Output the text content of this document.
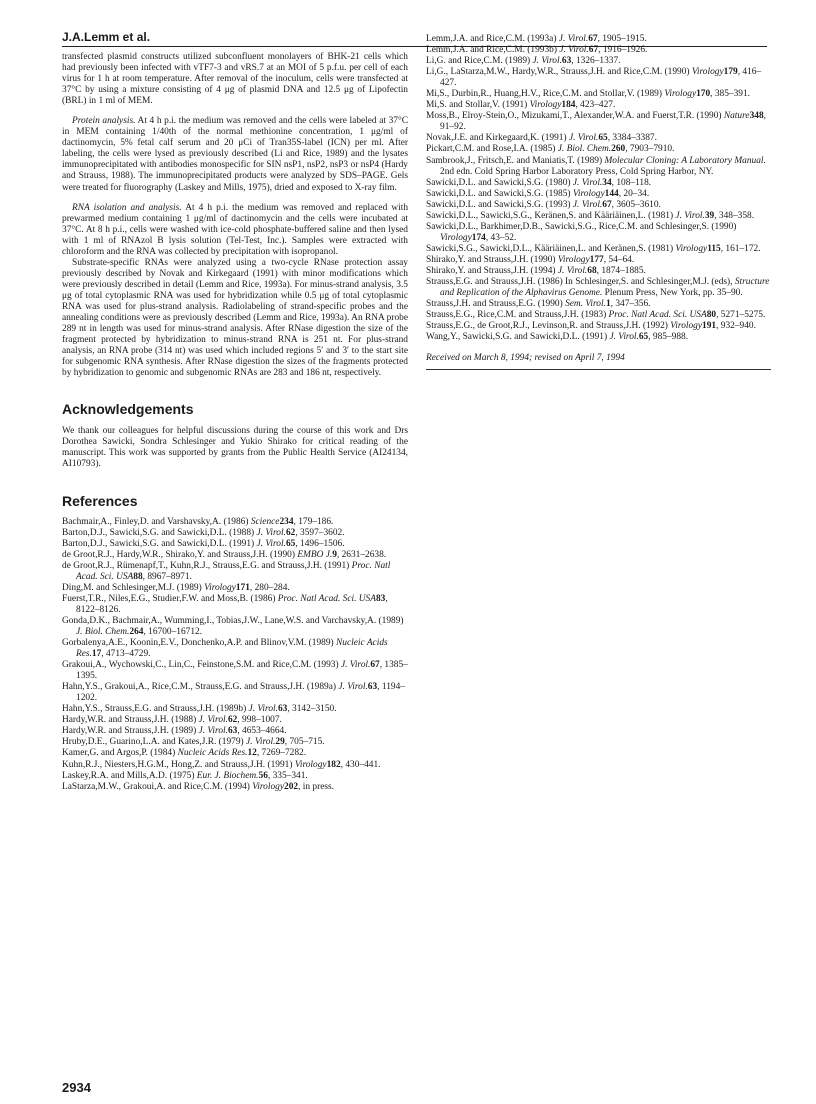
J.A.Lemm et al.

transfected plasmid constructs utilized subconfluent monolayers of BHK-21 cells which had previously been infected with vTF7-3 and vRS.7 at an MOI of 5 p.f.u. per cell of each virus for 1 h at room temperature. After removal of the inoculum, cells were transfected at 37°C by using a mixture consisting of 4 μg of plasmid DNA and 12.5 μg of Lipofectin (BRL) in 1 ml of MEM.

Protein analysis. At 4 h p.i. the medium was removed and the cells were labeled at 37°C in MEM containing 1/40th of the normal methionine concentration, 1 μg/ml of dactinomycin, 5% fetal calf serum and 20 μCi of Tran35S-label (ICN) per ml. After labeling, the cells were lysed as previously described (Li and Rice, 1989) and the lysates immunoprecipitated with antibodies monospecific for SIN nsP1, nsP2, nsP3 or nsP4 (Hardy and Strauss, 1988). The immunoprecipitated products were analyzed by SDS–PAGE. Gels were treated for fluorography (Laskey and Mills, 1975), dried and exposed to X-ray film.

RNA isolation and analysis. At 4 h p.i. the medium was removed and replaced with prewarmed medium containing 1 μg/ml of dactinomycin and the cells were incubated at 37°C. At 8 h p.i., cells were washed with ice-cold phosphate-buffered saline and then lysed with 1 ml of RNAzol B lysis solution (Tel-Test, Inc.). Samples were extracted with chloroform and the RNA was collected by precipitation with isopropanol.

Substrate-specific RNAs were analyzed using a two-cycle RNase protection assay previously described by Novak and Kirkegaard (1991) with minor modifications which were previously described in detail (Lemm and Rice, 1993a). For minus-strand analysis, 3.5 μg of total cytoplasmic RNA was used for hybridization while 0.5 μg of total cytoplasmic RNA was used for plus-strand analysis. Radiolabeling of strand-specific probes and the annealing conditions were as previously described (Lemm and Rice, 1993a). An RNA probe 289 nt in length was used for minus-strand analysis. After RNase digestion the size of the fragment protected by hybridization to minus-strand RNA is 251 nt. For plus-strand analysis, an RNA probe (314 nt) was used which included regions 5′ and 3′ to the start site for subgenomic RNA synthesis. After RNase digestion the sizes of the fragments protected by hybridization to genomic and subgenomic RNAs are 283 and 186 nt, respectively.

Acknowledgements

We thank our colleagues for helpful discussions during the course of this work and Drs Dorothea Sawicki, Sondra Schlesinger and Yukio Shirako for critical reading of the manuscript. This work was supported by grants from the Public Health Service (AI24134, AI10793).

References

Bachmair,A., Finley,D. and Varshavsky,A. (1986) Science234, 179–186.

Barton,D.J., Sawicki,S.G. and Sawicki,D.L. (1988) J. Virol.62, 3597–3602.

Barton,D.J., Sawicki,S.G. and Sawicki,D.L. (1991) J. Virol.65, 1496–1506.

de Groot,R.J., Hardy,W.R., Shirako,Y. and Strauss,J.H. (1990) EMBO J.9, 2631–2638.

de Groot,R.J., Rümenapf,T., Kuhn,R.J., Strauss,E.G. and Strauss,J.H. (1991) Proc. Natl Acad. Sci. USA88, 8967–8971.

Ding,M. and Schlesinger,M.J. (1989) Virology171, 280–284.

Fuerst,T.R., Niles,E.G., Studier,F.W. and Moss,B. (1986) Proc. Natl Acad. Sci. USA83, 8122–8126.

Gonda,D.K., Bachmair,A., Wumming,I., Tobias,J.W., Lane,W.S. and Varchavsky,A. (1989) J. Biol. Chem.264, 16700–16712.

Gorbalenya,A.E., Koonin,E.V., Donchenko,A.P. and Blinov,V.M. (1989) Nucleic Acids Res.17, 4713–4729.

Grakoui,A., Wychowski,C., Lin,C., Feinstone,S.M. and Rice,C.M. (1993) J. Virol.67, 1385–1395.

Hahn,Y.S., Grakoui,A., Rice,C.M., Strauss,E.G. and Strauss,J.H. (1989a) J. Virol.63, 1194–1202.

Hahn,Y.S., Strauss,E.G. and Strauss,J.H. (1989b) J. Virol.63, 3142–3150.

Hardy,W.R. and Strauss,J.H. (1988) J. Virol.62, 998–1007.

Hardy,W.R. and Strauss,J.H. (1989) J. Virol.63, 4653–4664.

Hruby,D.E., Guarino,L.A. and Kates,J.R. (1979) J. Virol.29, 705–715.

Kamer,G. and Argos,P. (1984) Nucleic Acids Res.12, 7269–7282.

Kuhn,R.J., Niesters,H.G.M., Hong,Z. and Strauss,J.H. (1991) Virology182, 430–441.

Laskey,R.A. and Mills,A.D. (1975) Eur. J. Biochem.56, 335–341.

LaStarza,M.W., Grakoui,A. and Rice,C.M. (1994) Virology202, in press.

Lemm,J.A. and Rice,C.M. (1993a) J. Virol.67, 1905–1915.

Lemm,J.A. and Rice,C.M. (1993b) J. Virol.67, 1916–1926.

Li,G. and Rice,C.M. (1989) J. Virol.63, 1326–1337.

Li,G., LaStarza,M.W., Hardy,W.R., Strauss,J.H. and Rice,C.M. (1990) Virology179, 416–427.

Mi,S., Durbin,R., Huang,H.V., Rice,C.M. and Stollar,V. (1989) Virology170, 385–391.

Mi,S. and Stollar,V. (1991) Virology184, 423–427.

Moss,B., Elroy-Stein,O., Mizukami,T., Alexander,W.A. and Fuerst,T.R. (1990) Nature348, 91–92.

Novak,J.E. and Kirkegaard,K. (1991) J. Virol.65, 3384–3387.

Pickart,C.M. and Rose,I.A. (1985) J. Biol. Chem.260, 7903–7910.

Sambrook,J., Fritsch,E. and Maniatis,T. (1989) Molecular Cloning: A Laboratory Manual. 2nd edn. Cold Spring Harbor Laboratory Press, Cold Spring Harbor, NY.

Sawicki,D.L. and Sawicki,S.G. (1980) J. Virol.34, 108–118.

Sawicki,D.L. and Sawicki,S.G. (1985) Virology144, 20–34.

Sawicki,D.L. and Sawicki,S.G. (1993) J. Virol.67, 3605–3610.

Sawicki,D.L., Sawicki,S.G., Keränen,S. and Kääriäinen,L. (1981) J. Virol.39, 348–358.

Sawicki,D.L., Barkhimer,D.B., Sawicki,S.G., Rice,C.M. and Schlesinger,S. (1990) Virology174, 43–52.

Sawicki,S.G., Sawicki,D.L., Kääriäinen,L. and Keränen,S. (1981) Virology115, 161–172.

Shirako,Y. and Strauss,J.H. (1990) Virology177, 54–64.

Shirako,Y. and Strauss,J.H. (1994) J. Virol.68, 1874–1885.

Strauss,E.G. and Strauss,J.H. (1986) In Schlesinger,S. and Schlesinger,M.J. (eds), Structure and Replication of the Alphavirus Genome. Plenum Press, New York, pp. 35–90.

Strauss,J.H. and Strauss,E.G. (1990) Sem. Virol.1, 347–356.

Strauss,E.G., Rice,C.M. and Strauss,J.H. (1983) Proc. Natl Acad. Sci. USA80, 5271–5275.

Strauss,E.G., de Groot,R.J., Levinson,R. and Strauss,J.H. (1992) Virology191, 932–940.

Wang,Y., Sawicki,S.G. and Sawicki,D.L. (1991) J. Virol.65, 985–988.

Received on March 8, 1994; revised on April 7, 1994
2934
